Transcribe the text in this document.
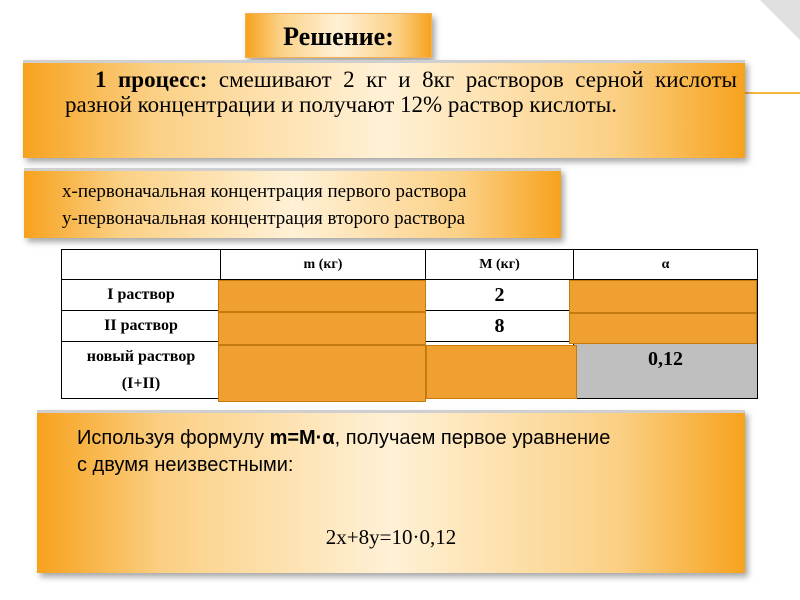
Решение:
1 процесс: смешивают 2 кг и 8кг растворов серной кислоты разной концентрации и получают 12% раствор кислоты.
x-первоначальная концентрация первого раствора
y-первоначальная концентрация второго раствора
	m (кг)	M (кг)	α
I раствор		2	
II раствор		8	

новый раствор
(I+II)			0,12
Используя формулу m=M·α, получаем первое уравнение
с двумя неизвестными:
2x+8y=10·0,12
